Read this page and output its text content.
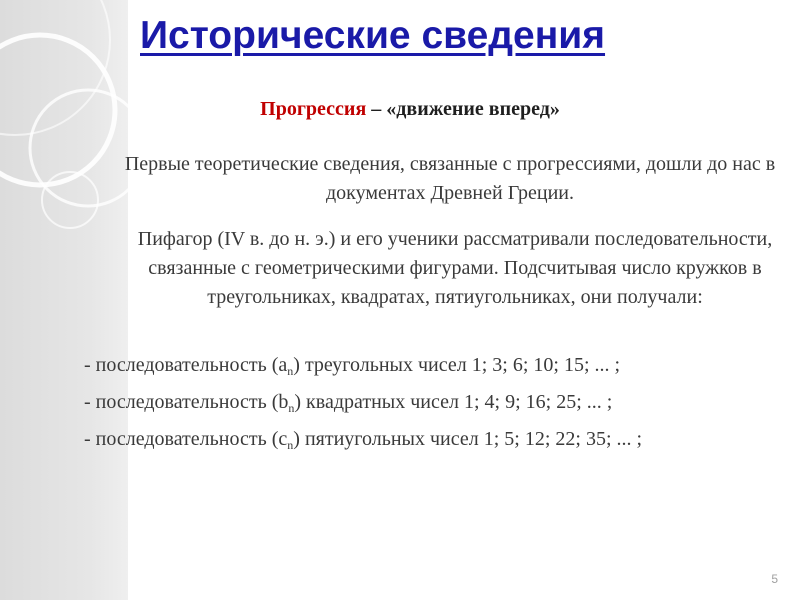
Исторические сведения
Прогрессия – «движение вперед»
Первые теоретические сведения, связанные с прогрессиями, дошли до нас в документах Древней Греции.
Пифагор (IV в. до н. э.) и его ученики рассматривали последовательности, связанные с геометрическими фигурами. Подсчитывая число кружков в треугольниках, квадратах, пятиугольниках, они получали:
- последовательность $(a_n)$ треугольных чисел 1; 3; 6; 10; 15; ... ;
- последовательность $(b_n)$ квадратных чисел 1; 4; 9; 16; 25; ... ;
- последовательность $(c_n)$ пятиугольных чисел 1; 5; 12; 22; 35; ... ;
5
